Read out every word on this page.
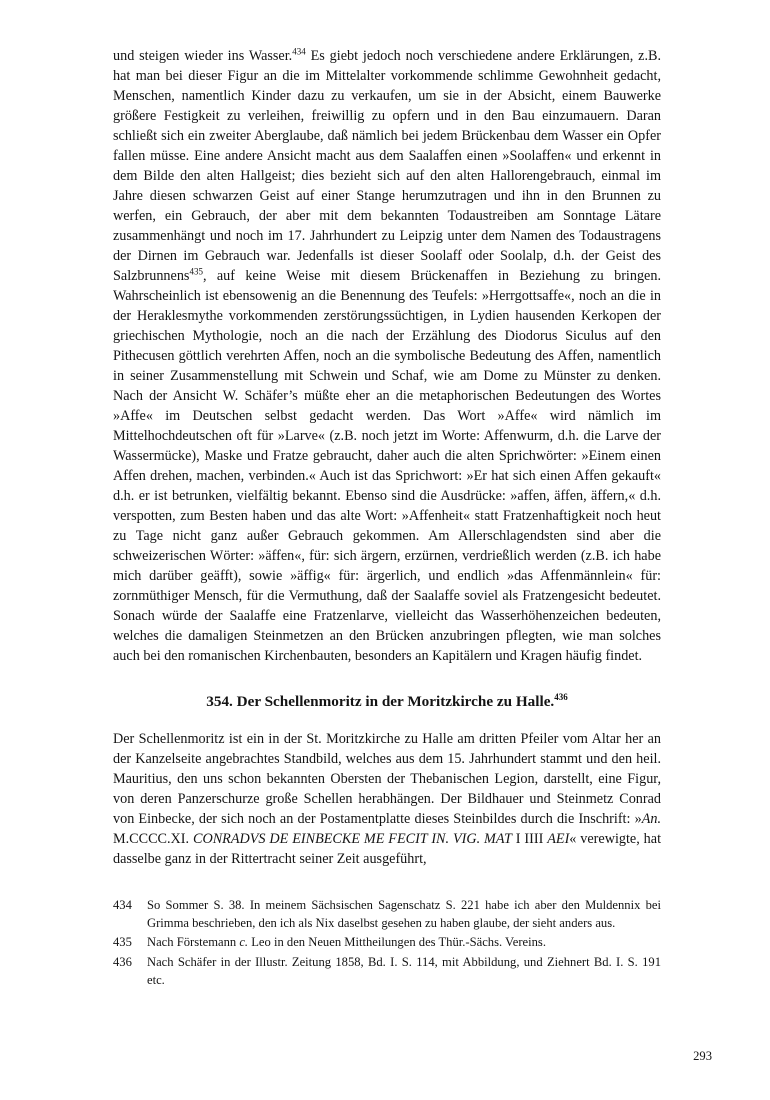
und steigen wieder ins Wasser.$^{434}$ Es giebt jedoch noch verschiedene andere Erklärungen, z.B. hat man bei dieser Figur an die im Mittelalter vorkommende schlimme Gewohnheit gedacht, Menschen, namentlich Kinder dazu zu verkaufen, um sie in der Absicht, einem Bauwerke größere Festigkeit zu verleihen, freiwillig zu opfern und in den Bau einzumauern. Daran schließt sich ein zweiter Aberglaube, daß nämlich bei jedem Brückenbau dem Wasser ein Opfer fallen müsse. Eine andere Ansicht macht aus dem Saalaffen einen »Soolaffen« und erkennt in dem Bilde den alten Hallgeist; dies bezieht sich auf den alten Hallorengebrauch, einmal im Jahre diesen schwarzen Geist auf einer Stange herumzutragen und ihn in den Brunnen zu werfen, ein Gebrauch, der aber mit dem bekannten Todaustreiben am Sonntage Lätare zusammenhängt und noch im 17. Jahrhundert zu Leipzig unter dem Namen des Todaustragens der Dirnen im Gebrauch war. Jedenfalls ist dieser Soolaff oder Soolalp, d.h. der Geist des Salzbrunnens$^{435}$, auf keine Weise mit diesem Brückenaffen in Beziehung zu bringen. Wahrscheinlich ist ebensowenig an die Benennung des Teufels: »Herrgottsaffe«, noch an die in der Heraklesmythe vorkommenden zerstörungssüchtigen, in Lydien hausenden Kerkopen der griechischen Mythologie, noch an die nach der Erzählung des Diodorus Siculus auf den Pithecusen göttlich verehrten Affen, noch an die symbolische Bedeutung des Affen, namentlich in seiner Zusammenstellung mit Schwein und Schaf, wie am Dome zu Münster zu denken. Nach der Ansicht W. Schäfer’s müßte eher an die metaphorischen Bedeutungen des Wortes »Affe« im Deutschen selbst gedacht werden. Das Wort »Affe« wird nämlich im Mittelhochdeutschen oft für »Larve« (z.B. noch jetzt im Worte: Affenwurm, d.h. die Larve der Wassermücke), Maske und Fratze gebraucht, daher auch die alten Sprichwörter: »Einem einen Affen drehen, machen, verbinden.« Auch ist das Sprichwort: »Er hat sich einen Affen gekauft« d.h. er ist betrunken, vielfältig bekannt. Ebenso sind die Ausdrücke: »affen, äffen, äffern,« d.h. verspotten, zum Besten haben und das alte Wort: »Affenheit« statt Fratzenhaftigkeit noch heut zu Tage nicht ganz außer Gebrauch gekommen. Am Allerschlagendsten sind aber die schweizerischen Wörter: »äffen«, für: sich ärgern, erzürnen, verdrießlich werden (z.B. ich habe mich darüber geäfft), sowie »äffig« für: ärgerlich, und endlich »das Affenmännlein« für: zornmüthiger Mensch, für die Vermuthung, daß der Saalaffe soviel als Fratzengesicht bedeutet. Sonach würde der Saalaffe eine Fratzenlarve, vielleicht das Wasserhöhenzeichen bedeuten, welches die damaligen Steinmetzen an den Brücken anzubringen pflegten, wie man solches auch bei den romanischen Kirchenbauten, besonders an Kapitälern und Kragen häufig findet.

354. Der Schellenmoritz in der Moritzkirche zu Halle.$^{436}$

Der Schellenmoritz ist ein in der St. Moritzkirche zu Halle am dritten Pfeiler vom Altar her an der Kanzelseite angebrachtes Standbild, welches aus dem 15. Jahrhundert stammt und den heil. Mauritius, den uns schon bekannten Obersten der Thebanischen Legion, darstellt, eine Figur, von deren Panzerschurze große Schellen herabhängen. Der Bildhauer und Steinmetz Conrad von Einbecke, der sich noch an der Postamentplatte dieses Steinbildes durch die Inschrift: »An. M.CCCC.XI. CONRADVS DE EINBECKE ME FECIT IN. VIG. MAT I IIII AEI« verewigte, hat dasselbe ganz in der Rittertracht seiner Zeit ausgeführt,

434	So Sommer S. 38. In meinem Sächsischen Sagenschatz S. 221 habe ich aber den Muldennix bei Grimma beschrieben, den ich als Nix daselbst gesehen zu haben glaube, der sieht anders aus.
435	Nach Förstemann c. Leo in den Neuen Mittheilungen des Thür.-Sächs. Vereins.
436	Nach Schäfer in der Illustr. Zeitung 1858, Bd. I. S. 114, mit Abbildung, und Ziehnert Bd. I. S. 191 etc.
293
